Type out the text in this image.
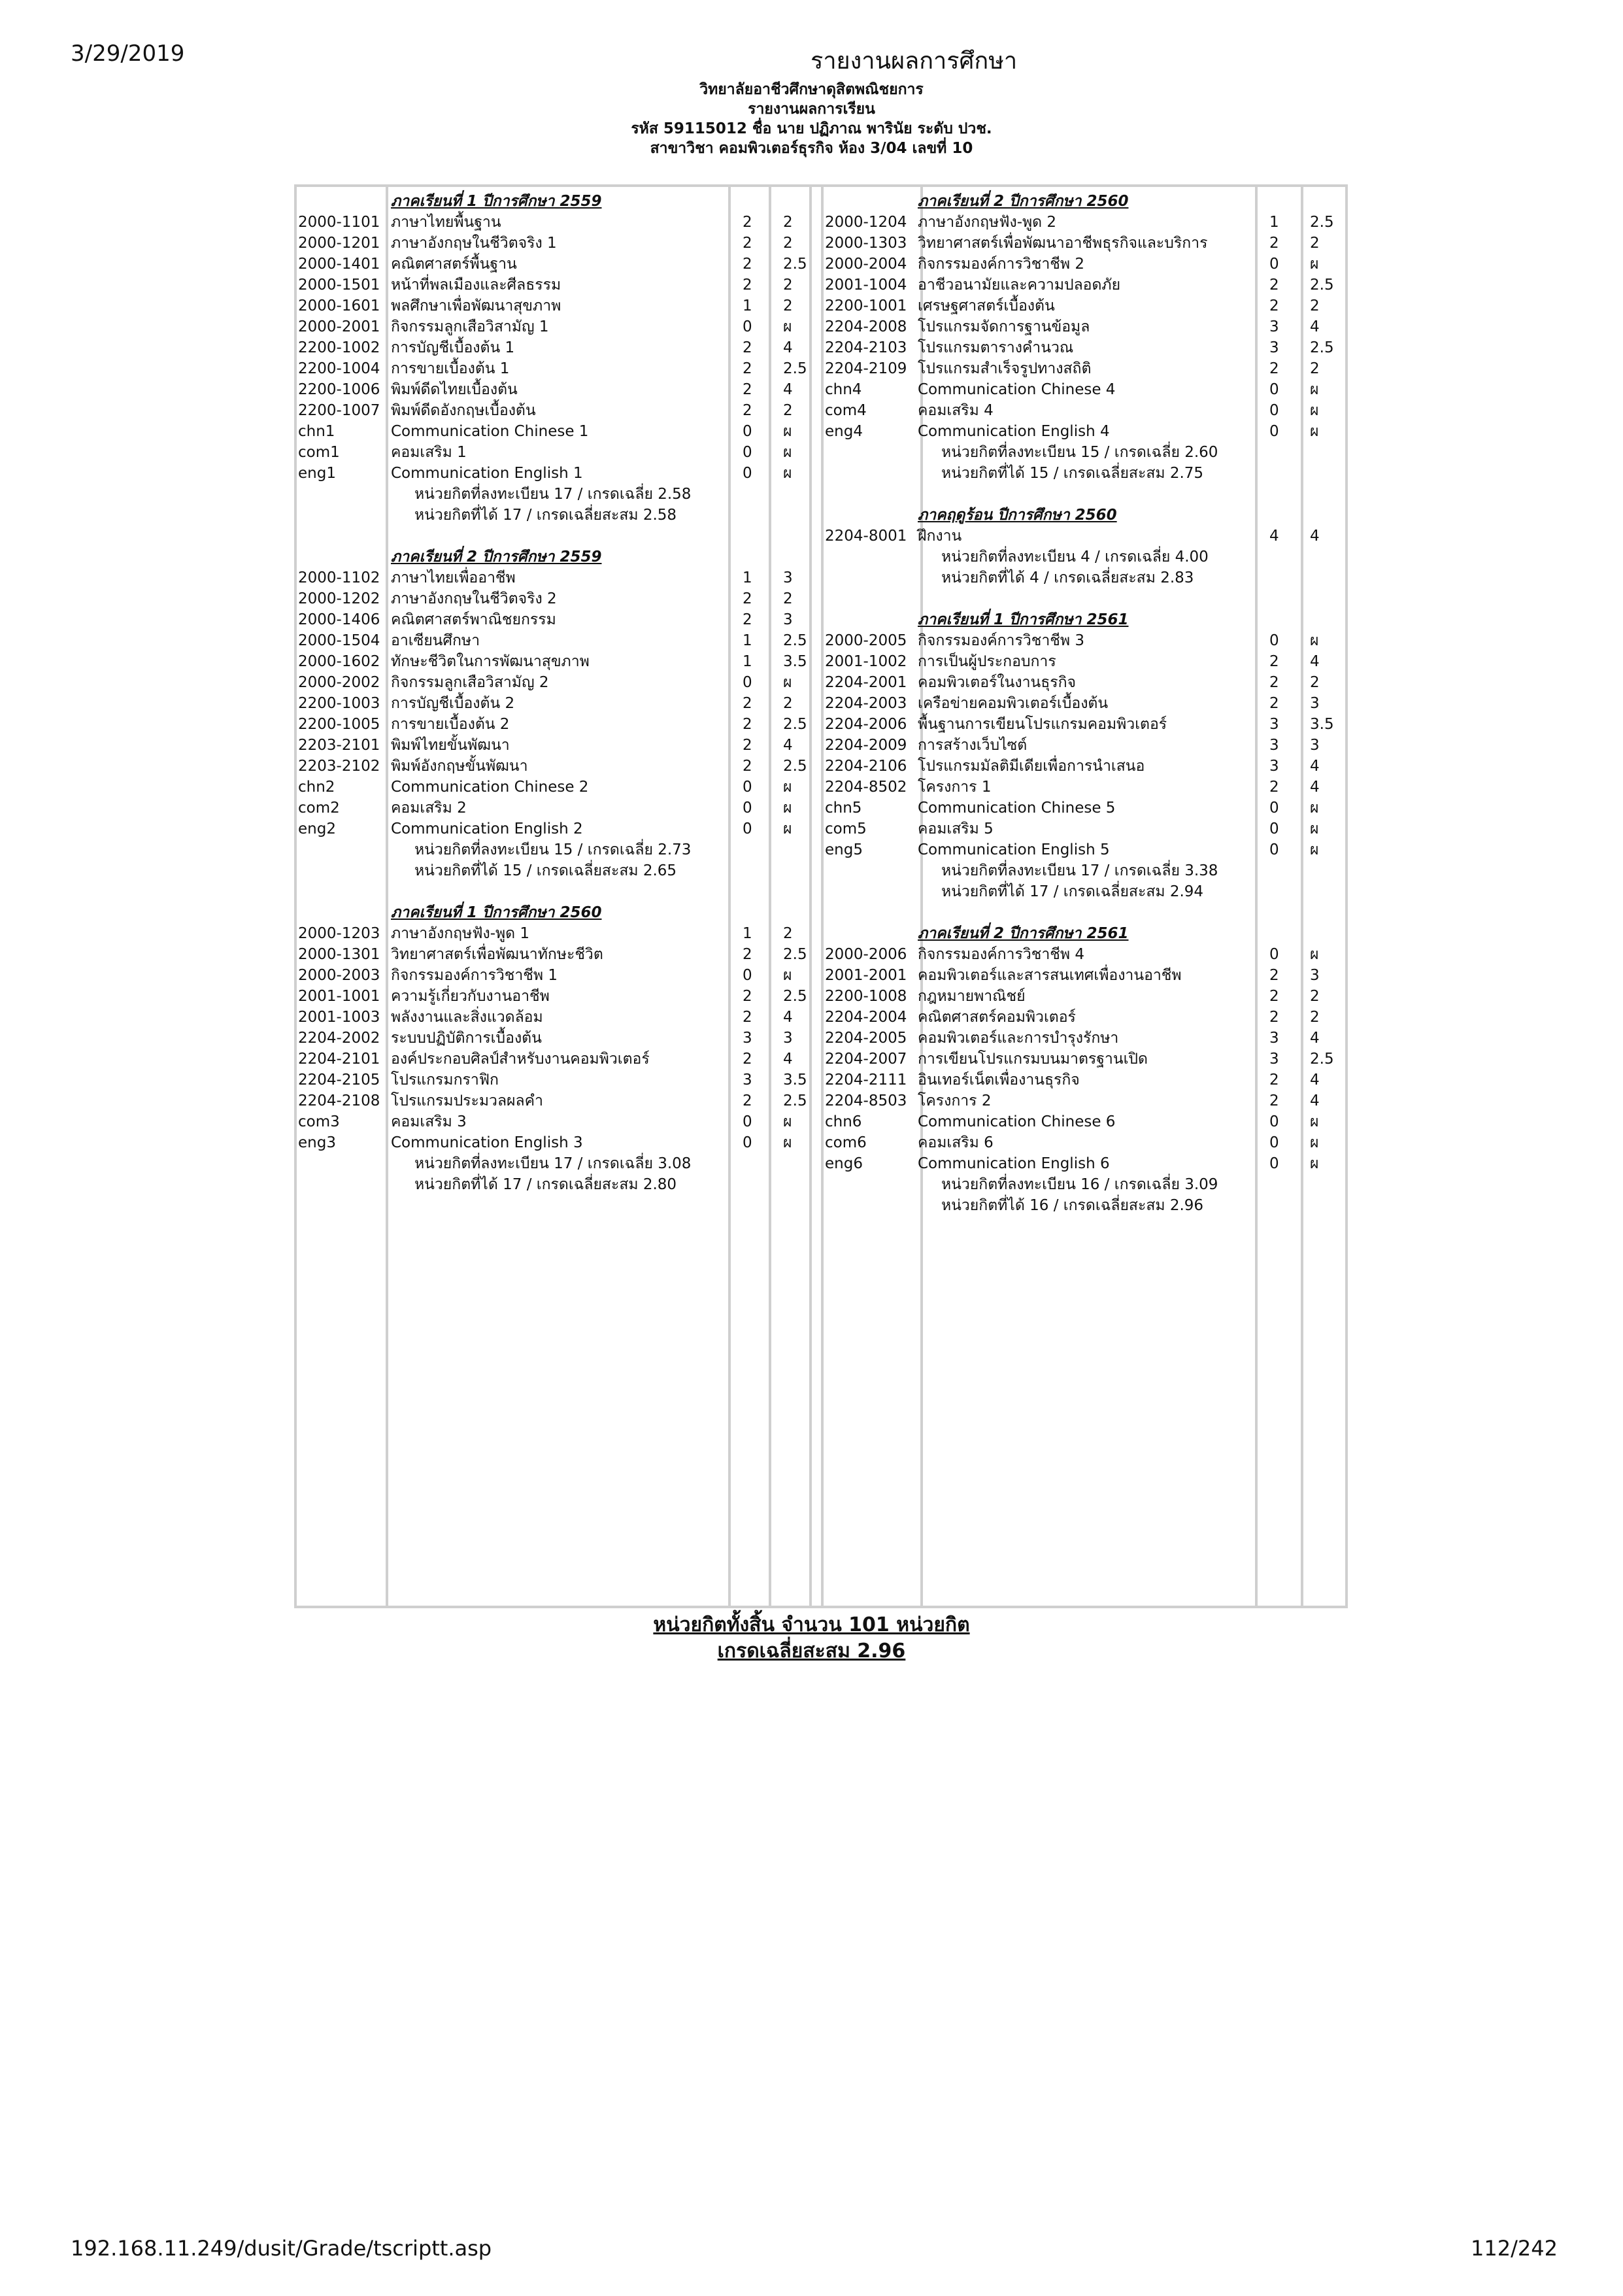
3/29/2019	รายงานผลการศึกษา
วิทยาลัยอาชีวศึกษาดุสิตพณิชยการ
รายงานผลการเรียน
รหัส 59115012 ชื่อ นาย ปฏิภาณ พารินัย ระดับ ปวช.
สาขาวิชา คอมพิวเตอร์ธุรกิจ ห้อง 3/04 เลขที่ 10
ภาคเรียนที่ 1 ปีการศึกษา 2559
2000-1101 ภาษาไทยพื้นฐาน	2 2
2000-1201 ภาษาอังกฤษในชีวิตจริง 1	2 2
2000-1401 คณิตศาสตร์พื้นฐาน	2 2.5
2000-1501 หน้าที่พลเมืองและศีลธรรม	2 2
2000-1601 พลศึกษาเพื่อพัฒนาสุขภาพ	1 2
2000-2001 กิจกรรมลูกเสือวิสามัญ 1	0 ผ
2200-1002 การบัญชีเบื้องต้น 1	2 4
2200-1004 การขายเบื้องต้น 1	2 2.5
2200-1006 พิมพ์ดีดไทยเบื้องต้น	2 4
2200-1007 พิมพ์ดีดอังกฤษเบื้องต้น	2 2
chn1	Communication Chinese 1	0 ผ
com1	คอมเสริม 1	0 ผ
eng1	Communication English 1	0 ผ
หน่วยกิตที่ลงทะเบียน 17 / เกรดเฉลี่ย 2.58
หน่วยกิตที่ได้ 17 / เกรดเฉลี่ยสะสม 2.58
ภาคเรียนที่ 2 ปีการศึกษา 2559
2000-1102 ภาษาไทยเพื่ออาชีพ	1 3
2000-1202 ภาษาอังกฤษในชีวิตจริง 2	2 2
2000-1406 คณิตศาสตร์พาณิชยกรรม	2 3
2000-1504 อาเซียนศึกษา	1 2.5
2000-1602 ทักษะชีวิตในการพัฒนาสุขภาพ	1 3.5
2000-2002 กิจกรรมลูกเสือวิสามัญ 2	0 ผ
2200-1003 การบัญชีเบื้องต้น 2	2 2
2200-1005 การขายเบื้องต้น 2	2 2.5
2203-2101 พิมพ์ไทยขั้นพัฒนา	2 4
2203-2102 พิมพ์อังกฤษขั้นพัฒนา	2 2.5
chn2	Communication Chinese 2	0 ผ
com2	คอมเสริม 2	0 ผ
eng2	Communication English 2	0 ผ
หน่วยกิตที่ลงทะเบียน 15 / เกรดเฉลี่ย 2.73
หน่วยกิตที่ได้ 15 / เกรดเฉลี่ยสะสม 2.65
ภาคเรียนที่ 1 ปีการศึกษา 2560
2000-1203 ภาษาอังกฤษฟัง-พูด 1	1 2
2000-1301 วิทยาศาสตร์เพื่อพัฒนาทักษะชีวิต	2 2.5
2000-2003 กิจกรรมองค์การวิชาชีพ 1	0 ผ
2001-1001 ความรู้เกี่ยวกับงานอาชีพ	2 2.5
2001-1003 พลังงานและสิ่งแวดล้อม	2 4
2204-2002 ระบบปฏิบัติการเบื้องต้น	3 3
2204-2101 องค์ประกอบศิลป์สำหรับงานคอมพิวเตอร์	2 4
2204-2105 โปรแกรมกราฟิก	3 3.5
2204-2108 โปรแกรมประมวลผลคำ	2 2.5
com3	คอมเสริม 3	0 ผ
eng3	Communication English 3	0 ผ
หน่วยกิตที่ลงทะเบียน 17 / เกรดเฉลี่ย 3.08
หน่วยกิตที่ได้ 17 / เกรดเฉลี่ยสะสม 2.80
ภาคเรียนที่ 2 ปีการศึกษา 2560
2000-1204 ภาษาอังกฤษฟัง-พูด 2	1 2.5
2000-1303 วิทยาศาสตร์เพื่อพัฒนาอาชีพธุรกิจและบริการ	2 2
2000-2004 กิจกรรมองค์การวิชาชีพ 2	0 ผ
2001-1004 อาชีวอนามัยและความปลอดภัย	2 2.5
2200-1001 เศรษฐศาสตร์เบื้องต้น	2 2
2204-2008 โปรแกรมจัดการฐานข้อมูล	3 4
2204-2103 โปรแกรมตารางคำนวณ	3 2.5
2204-2109 โปรแกรมสำเร็จรูปทางสถิติ	2 2
chn4	Communication Chinese 4	0 ผ
com4	คอมเสริม 4	0 ผ
eng4	Communication English 4	0 ผ
หน่วยกิตที่ลงทะเบียน 15 / เกรดเฉลี่ย 2.60
หน่วยกิตที่ได้ 15 / เกรดเฉลี่ยสะสม 2.75
ภาคฤดูร้อน ปีการศึกษา 2560
2204-8001 ฝึกงาน	4 4
หน่วยกิตที่ลงทะเบียน 4 / เกรดเฉลี่ย 4.00
หน่วยกิตที่ได้ 4 / เกรดเฉลี่ยสะสม 2.83
ภาคเรียนที่ 1 ปีการศึกษา 2561
2000-2005 กิจกรรมองค์การวิชาชีพ 3	0 ผ
2001-1002 การเป็นผู้ประกอบการ	2 4
2204-2001 คอมพิวเตอร์ในงานธุรกิจ	2 2
2204-2003 เครือข่ายคอมพิวเตอร์เบื้องต้น	2 3
2204-2006 พื้นฐานการเขียนโปรแกรมคอมพิวเตอร์	3 3.5
2204-2009 การสร้างเว็บไซต์	3 3
2204-2106 โปรแกรมมัลติมีเดียเพื่อการนำเสนอ	3 4
2204-8502 โครงการ 1	2 4
chn5	Communication Chinese 5	0 ผ
com5	คอมเสริม 5	0 ผ
eng5	Communication English 5	0 ผ
หน่วยกิตที่ลงทะเบียน 17 / เกรดเฉลี่ย 3.38
หน่วยกิตที่ได้ 17 / เกรดเฉลี่ยสะสม 2.94
ภาคเรียนที่ 2 ปีการศึกษา 2561
2000-2006 กิจกรรมองค์การวิชาชีพ 4	0 ผ
2001-2001 คอมพิวเตอร์และสารสนเทศเพื่องานอาชีพ	2 3
2200-1008 กฎหมายพาณิชย์	2 2
2204-2004 คณิตศาสตร์คอมพิวเตอร์	2 2
2204-2005 คอมพิวเตอร์และการบำรุงรักษา	3 4
2204-2007 การเขียนโปรแกรมบนมาตรฐานเปิด	3 2.5
2204-2111 อินเทอร์เน็ตเพื่องานธุรกิจ	2 4
2204-8503 โครงการ 2	2 4
chn6	Communication Chinese 6	0 ผ
com6	คอมเสริม 6	0 ผ
eng6	Communication English 6	0 ผ
หน่วยกิตที่ลงทะเบียน 16 / เกรดเฉลี่ย 3.09
หน่วยกิตที่ได้ 16 / เกรดเฉลี่ยสะสม 2.96
หน่วยกิตทั้งสิ้น จำนวน 101 หน่วยกิต
เกรดเฉลี่ยสะสม 2.96
192.168.11.249/dusit/Grade/tscriptt.asp	112/242
